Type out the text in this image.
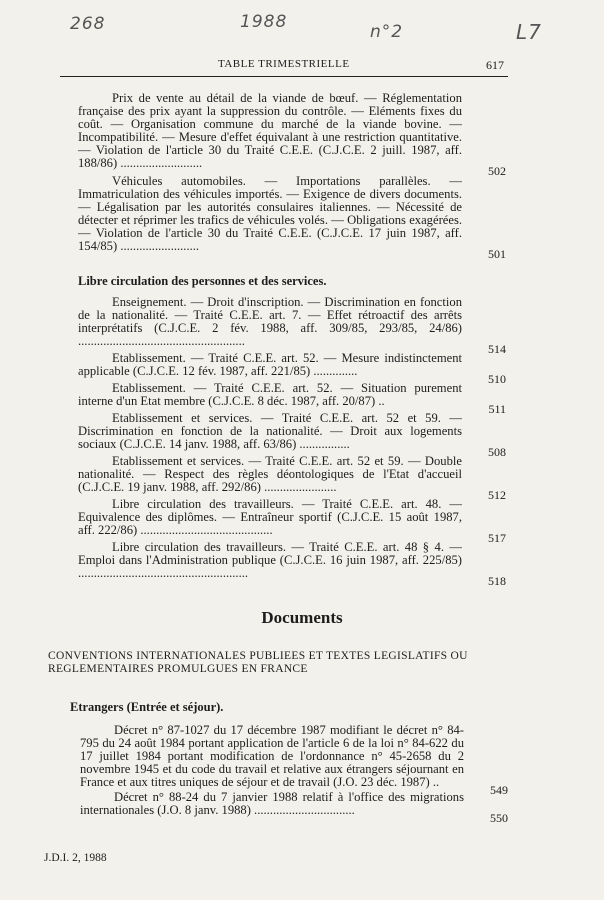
268	1988	n°2	L7
TABLE TRIMESTRIELLE	617
Prix de vente au détail de la viande de bœuf. — Réglementation française des prix ayant la suppression du contrôle. — Eléments fixes du coût. — Organisation commune du marché de la viande bovine. — Incompatibilité. — Mesure d'effet équivalant à une restriction quantitative. — Violation de l'article 30 du Traité C.E.E. (C.J.C.E. 2 juill. 1987, aff. 188/86) ..........................
502
Véhicules automobiles. — Importations parallèles. — Immatriculation des véhicules importés. — Exigence de divers documents. — Légalisation par les autorités consulaires italiennes. — Nécessité de détecter et réprimer les trafics de véhicules volés. — Obligations exagérées. — Violation de l'article 30 du Traité C.E.E. (C.J.C.E. 17 juin 1987, aff. 154/85) .........................
501
Libre circulation des personnes et des services.
Enseignement. — Droit d'inscription. — Discrimination en fonction de la nationalité. — Traité C.E.E. art. 7. — Effet rétroactif des arrêts interprétatifs (C.J.C.E. 2 fév. 1988, aff. 309/85, 293/85, 24/86) .....................................................
514
Etablissement. — Traité C.E.E. art. 52. — Mesure indistinctement applicable (C.J.C.E. 12 fév. 1987, aff. 221/85) ..............
510
Etablissement. — Traité C.E.E. art. 52. — Situation purement interne d'un Etat membre (C.J.C.E. 8 déc. 1987, aff. 20/87) ..
511
Etablissement et services. — Traité C.E.E. art. 52 et 59. — Discrimination en fonction de la nationalité. — Droit aux logements sociaux (C.J.C.E. 14 janv. 1988, aff. 63/86) ................
508
Etablissement et services. — Traité C.E.E. art. 52 et 59. — Double nationalité. — Respect des règles déontologiques de l'Etat d'accueil (C.J.C.E. 19 janv. 1988, aff. 292/86) .......................
512
Libre circulation des travailleurs. — Traité C.E.E. art. 48. — Equivalence des diplômes. — Entraîneur sportif (C.J.C.E. 15 août 1987, aff. 222/86) ..........................................
517
Libre circulation des travailleurs. — Traité C.E.E. art. 48 § 4. — Emploi dans l'Administration publique (C.J.C.E. 16 juin 1987, aff. 225/85) ......................................................
518
Documents
CONVENTIONS INTERNATIONALES PUBLIEES ET TEXTES LEGISLATIFS OU REGLEMENTAIRES PROMULGUES EN FRANCE
Etrangers (Entrée et séjour).
Décret n° 87-1027 du 17 décembre 1987 modifiant le décret n° 84-795 du 24 août 1984 portant application de l'article 6 de la loi n° 84-622 du 17 juillet 1984 portant modification de l'ordonnance n° 45-2658 du 2 novembre 1945 et du code du travail et relative aux étrangers séjournant en France et aux titres uniques de séjour et de travail (J.O. 23 déc. 1987) ..
549
Décret n° 88-24 du 7 janvier 1988 relatif à l'office des migrations internationales (J.O. 8 janv. 1988) ................................
550
J.D.I. 2, 1988
